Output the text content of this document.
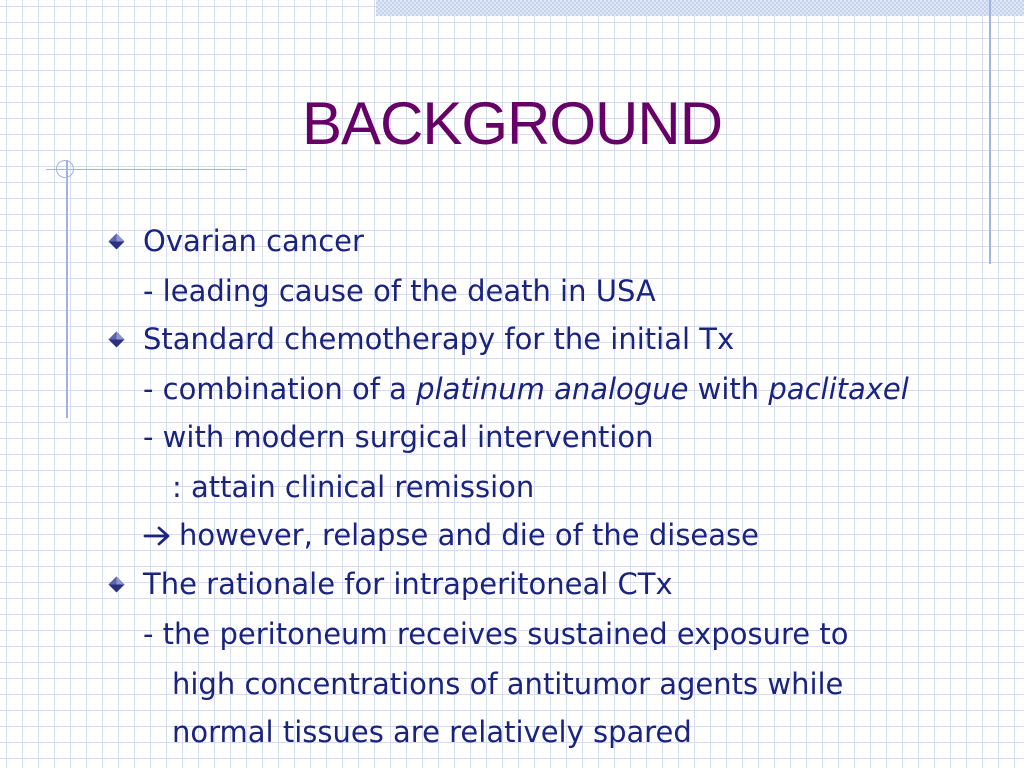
BACKGROUND
Ovarian cancer
- leading cause of the death in USA
Standard chemotherapy for the initial Tx
- combination of a platinum analogue with paclitaxel
- with modern surgical intervention
: attain clinical remission
however, relapse and die of the disease
The rationale for intraperitoneal CTx
- the peritoneum receives sustained exposure to
high concentrations of antitumor agents while
normal tissues are relatively spared
